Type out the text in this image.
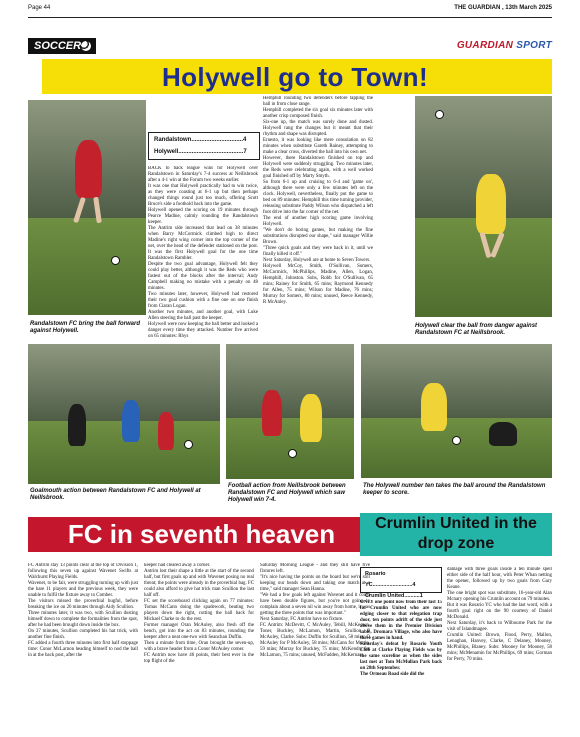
Page 44	THE GUARDIAN , 13th March 2025
SOCCER	GUARDIAN SPORT
Holywell go to Town!
Randalstown FC bring the ball forward against Holywell.
Randalstown...............................4
Holywell.......................................7
BACK to back league wins for Holywell over Randalstown in Saturday's 7-4 success at Neillsbrook after a 4-1 win at the Forum two weeks earlier.
It was one that Holywell practically had to win twice, as they were coasting at 6-1 up but then perhaps changed things round just too much, offering Scott Bruce's side a foothold back into the game.
Holywell opened the scoring on 19 minutes through Pearce Madine, calmly rounding the Randalstown keeper.
The Antrim side increased that lead on 38 minutes when Barry McCormick climbed high to direct Madine's right wing corner into the top corner of the net, over the head of the defender stationed on the post. It was the first Holywell goal for the one time Randalstown Rambler.
Despite the two goal advantage, Holywell felt they could play better, although it was the Reds who were fastest out of the blocks after the interval; Andy Campbell making no mistake with a penalty on 48 minutes.
Two minutes later, however, Holywell had restored their two goal cushion with a fine one on one finish from Ciaran Logan.
Another two minutes, and another goal, with Luke Allen steering the ball past the keeper.
Holywell were now keeping the ball better and looked a danger every time they attacked. Number five arrived on 65 minutes: Rhys
Hemphill rounding two defenders before tapping the ball in from close range.
Hemphill completed the six goal six minutes later with another crisp composed finish.
Six-one up, the match was surely done and dusted. Holywell rang the changes but it meant that their rhythm and shape was disrupted.
Ernesto, it was looking like mere consolation on 82 minutes when substitute Gareth Rainey, attempting to make a clear cross, diverted the ball into his own net.
However, there Randalstown finished on top and Holywell were suddenly struggling. Two minutes later, the Reds were celebrating again, with a well worked goal finished off by Marty Smyth.
So from 6-1 up and cruising to 6-4 and 'game on', although there were only a few minutes left on the clock. Holywell, nevertheless, finally put the game to bed on 89 minutes: Hemphill this time turning provider, releasing substitute Paddy Wilson who dispatched a left foot drive into the far corner of the net.
The end of another high scoring game involving Holywell.
"We don't do boring games, but making the fine substitutions disrupted our shape," said manager Willie Brown.
"Three quick goals and they were back in it, until we finally killed it off."
Next Saturday, Holywell are at home to Seven Towers.
Holywell McCoy, Smith, O'Sullivan, Somers, McCormick, McPhillips, Madine, Allen, Logan, Hemphill, Johnston. Subs, Robb for O'Sullivan, 65 mins; Rainey for Smith, 65 mins; Raymond Kennedy for Allen, 75 mins; Wilson for Madine, 76 mins; Murray for Somers, 80 mins; unused, Reece Kennedy, R McAnley.
Holywell clear the ball from danger against Randalstown FC at Neillsbrook.
Goalmouth action between Randalstown FC and Holywell at Neillsbrook.
Football action from Neillsbrook between Randalstown FC and Holywell which saw Holywell win 7-4.
The Holywell number ten takes the ball around the Randalstown keeper to score.
FC in seventh heaven
FC Antrim stay 13 points clear at the top of Division 1, following this seven up against Wavenet Swifts at Walchurst Playing Fields.
Wavenet, to be fair, were struggling turning up with just the bare 11 players and the previous week, they were unable to fulfil the fixture away to Comber.
The visitors missed the proverbial bugful, before breaking the ice on 26 minutes through Aidy Scullion.
Three minutes later, it was two, with Scullion dusting himself down to complete the formalities from the spot, after he had been brought down inside the box.
On 37 minutes, Scullion completed his hat trick, with another fine finish.
FC added a fourth three minutes into first half stoppage time: Conor McLarnon heading himself to nod the ball in at the back post, after the
keeper had cleared away a corner.
Antrim lost their shape a little at the start of the second half, but first goals up and with Wavenet posing no real threat; the points were already in the proverbial bag. FC could also afford to give hat trick man Scullion the last half off.
FC set the scoreboard clicking again on 77 minutes: Tomas McCann doing the spadework, beating two players down the right, cutting the ball back for Michael Clarke to do the rest.
Former manager Oran McAuley, also fresh off the bench, got into the act on 83 minutes, rounding the keeper after a neat one-two with Seanchan Duffin.
Then a minute from time, Oran brought the seven-up, with a brave header from a Conor McAuley corner.
FC Antrim now have 46 points, their best ever in the top flight of the
Saturday Morning League - and they still have five fixtures left.
"It's nice having the points on the board but we're still keeping our heads down and taking one match at a time," said manager Sean Hanna.
"We had a few goals left against Wavenet and it could have been double figures, but you're not going to complain about a seven nil win away from home, it was getting the three points that was important."
Next Saturday, FC Antrim have no fixture.
FC Antrim: McDevitt, C McAuley, Tebill, McKeown, Toner, Buckley, McLarnon, Martin, Scullion, P McAuley, Clarke. Subs: Duffin for Scullion, 58 mins; O McAuley for P McAuley, 58 mins; McCann for Martin, 59 mins; Murray for Buckley, 75 mins; McKendry for McLarnon, 75 mins; unused, McFadden, McKernan
Crumlin United in the drop zone
Rosario YC..........................4
Crumlin United..........1
ONLY one point now from their last 15 for Crumlin United who are now edging closer to that relegation trap door, ten points adrift of the side just above them in the Premier Division table, Dromara Village, who also have three games in hand.
Saturday's defeat by Rosario Youth Club at Clarke Playing Fields was by the same scoreline as when the sides last met at Tom McMullan Park back on 28th September.
The Ormeau Road side did the
damage with three goals inside a ten minute spell either side of the half hour, with Peter Whan netting the opener, followed up by two goals from Gary Keane.
The one bright spot was substitute, 16-year-old Alan Mcnary opening his Crumlin account on 79 minutes.
But it was Rosario YC who had the last word, with a fourth goal right on the 90 courtesy of Daniel McDonald.
Next Saturday, it's back to Wilbourne Park for the visit of Islandmagee.
Crumlin United: Brown, Flood, Perry, Mallon, Lenaghan, Hanvey, Clarke, C Delaney, Mooney, McPhillips, Blaney. Subs: Mooney for Mooney, 58 mins; McMenamin for McPhillips, 69 mins; Gorman for Perry, 70 mins.
